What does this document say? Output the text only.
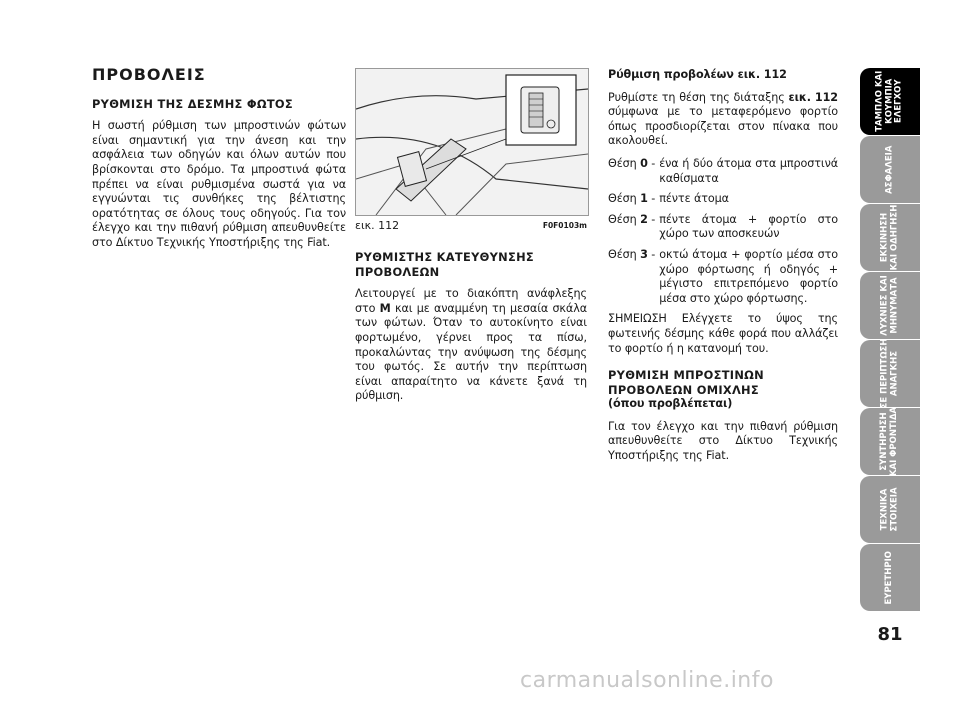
ΠΡΟΒΟΛΕΙΣ
ΡΥΘΜΙΣΗ ΤΗΣ ΔΕΣΜΗΣ ΦΩΤΟΣ

Η σωστή ρύθμιση των μπροστινών φώτων είναι σημαντική για την άνεση και την ασφάλεια των οδηγών και όλων αυτών που βρίσκονται στο δρόμο. Τα μπροστινά φώτα πρέπει να είναι ρυθμισμένα σωστά για να εγγυώνται τις συνθήκες της βέλτιστης ορατότητας σε όλους τους οδηγούς. Για τον έλεγχο και την πιθανή ρύθμιση απευθυνθείτε στο Δίκτυο Τεχνικής Υποστήριξης της Fiat.

εικ. 112	F0F0103m
ΡΥΘΜΙΣΤΗΣ ΚΑΤΕΥΘΥΝΣΗΣ ΠΡΟΒΟΛΕΩΝ

Λειτουργεί με το διακόπτη ανάφλεξης στο M και με αναμμένη τη μεσαία σκάλα των φώτων. Όταν το αυτοκίνητο είναι φορτωμένο, γέρνει προς τα πίσω, προκαλώντας την ανύψωση της δέσμης του φωτός. Σε αυτήν την περίπτωση είναι απαραίτητο να κάνετε ξανά τη ρύθμιση.

Ρύθμιση προβολέων εικ. 112

Ρυθμίστε τη θέση της διάταξης εικ. 112 σύμφωνα με το μεταφερόμενο φορτίο όπως προσδιορίζεται στον πίνακα που ακολουθεί.

Θέση 0 - ένα ή δύο άτομα στα μπροστινά καθίσματα
Θέση 1 - πέντε άτομα
Θέση 2 - πέντε άτομα + φορτίο στο χώρο των αποσκευών
Θέση 3 - οκτώ άτομα + φορτίο μέσα στο χώρο φόρτωσης ή οδηγός + μέγιστο επιτρεπόμενο φορτίο μέσα στο χώρο φόρτωσης.

ΣΗΜΕΙΩΣΗ Ελέγχετε το ύψος της φωτεινής δέσμης κάθε φορά που αλλάζει το φορτίο ή η κατανομή του.

ΡΥΘΜΙΣΗ ΜΠΡΟΣΤΙΝΩΝ ΠΡΟΒΟΛΕΩΝ ΟΜΙΧΛΗΣ
(όπου προβλέπεται)

Για τον έλεγχο και την πιθανή ρύθμιση απευθυνθείτε στο Δίκτυο Τεχνικής Υποστήριξης της Fiat.

ΤΑΜΠΛΟ ΚΑΙ
ΚΟΥΜΠΙΑ
ΕΛΕΓΧΟΥ
ΑΣΦΑΛΕΙΑ
ΕΚΚΙΝΗΣΗ
ΚΑΙ ΟΔΗΓΗΣΗ
ΛΥΧΝΙΕΣ ΚΑΙ
ΜΗΝΥΜΑΤΑ
ΣΕ ΠΕΡΙΠΤΩΣΗ
ΑΝΑΓΚΗΣ
ΣΥΝΤΗΡΗΣΗ
ΚΑΙ ΦΡΟΝΤΙΔΑ
ΤΕΧΝΙΚΑ
ΣΤΟΙΧΕΙΑ
ΕΥΡΕΤΗΡΙΟ
81
carmanualsonline.info
